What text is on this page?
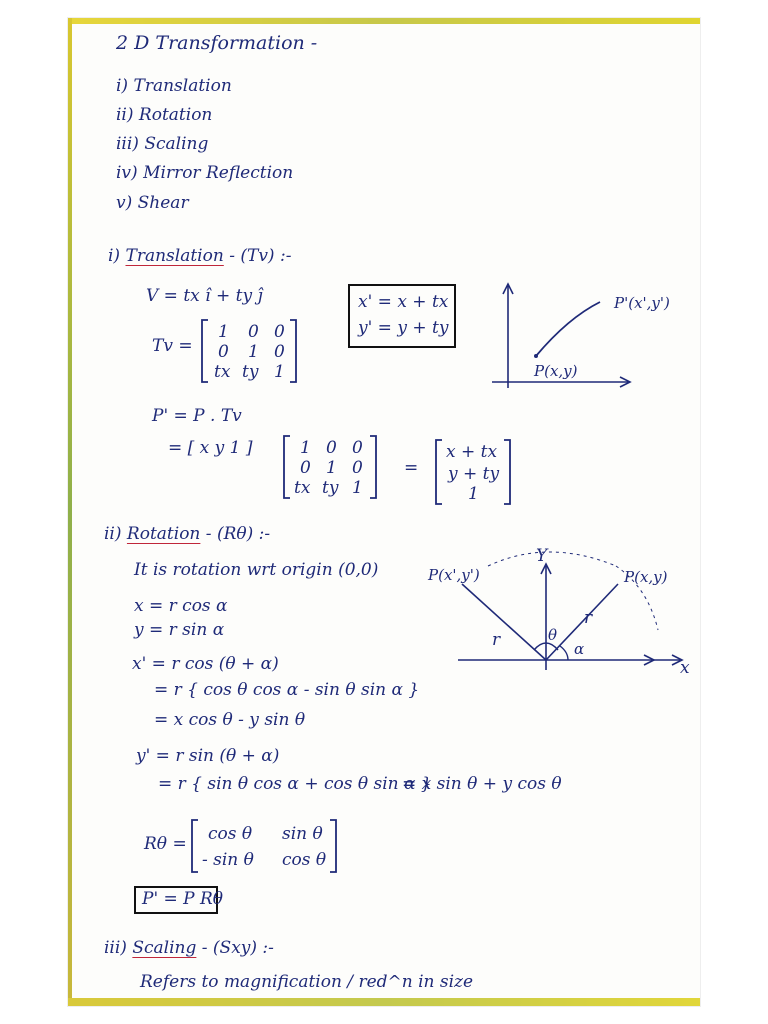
2 D Transformation -
i) Translation
ii) Rotation
iii) Scaling
iv) Mirror Reflection
v) Shear
i) Translation - (Tv) :-
V = tx î + ty ĵ
Tv =
1 0 0
0 1 0
tx ty 1
x' = x + tx
y' = y + ty
P'(x',y')
P(x,y)
P' = P . Tv
= [ x y 1 ]	1 0 0
0 1 0
tx ty 1
=
x + tx
y + ty
1
ii) Rotation - (Rθ) :-
It is rotation wrt origin (0,0)
x = r cos α
y = r sin α
x' = r cos (θ + α)
= r { cos θ cos α - sin θ sin α }
= x cos θ - y sin θ
y' = r sin (θ + α)
= r { sin θ cos α + cos θ sin α }
= x sin θ + y cos θ
Rθ = cos θ sin θ
- sin θ cos θ
P' = P Rθ
Y
x
P(x',y')	P(x,y)
r
r
θ
α
iii) Scaling - (Sxy) :-
Refers to magnification / red^n in size
